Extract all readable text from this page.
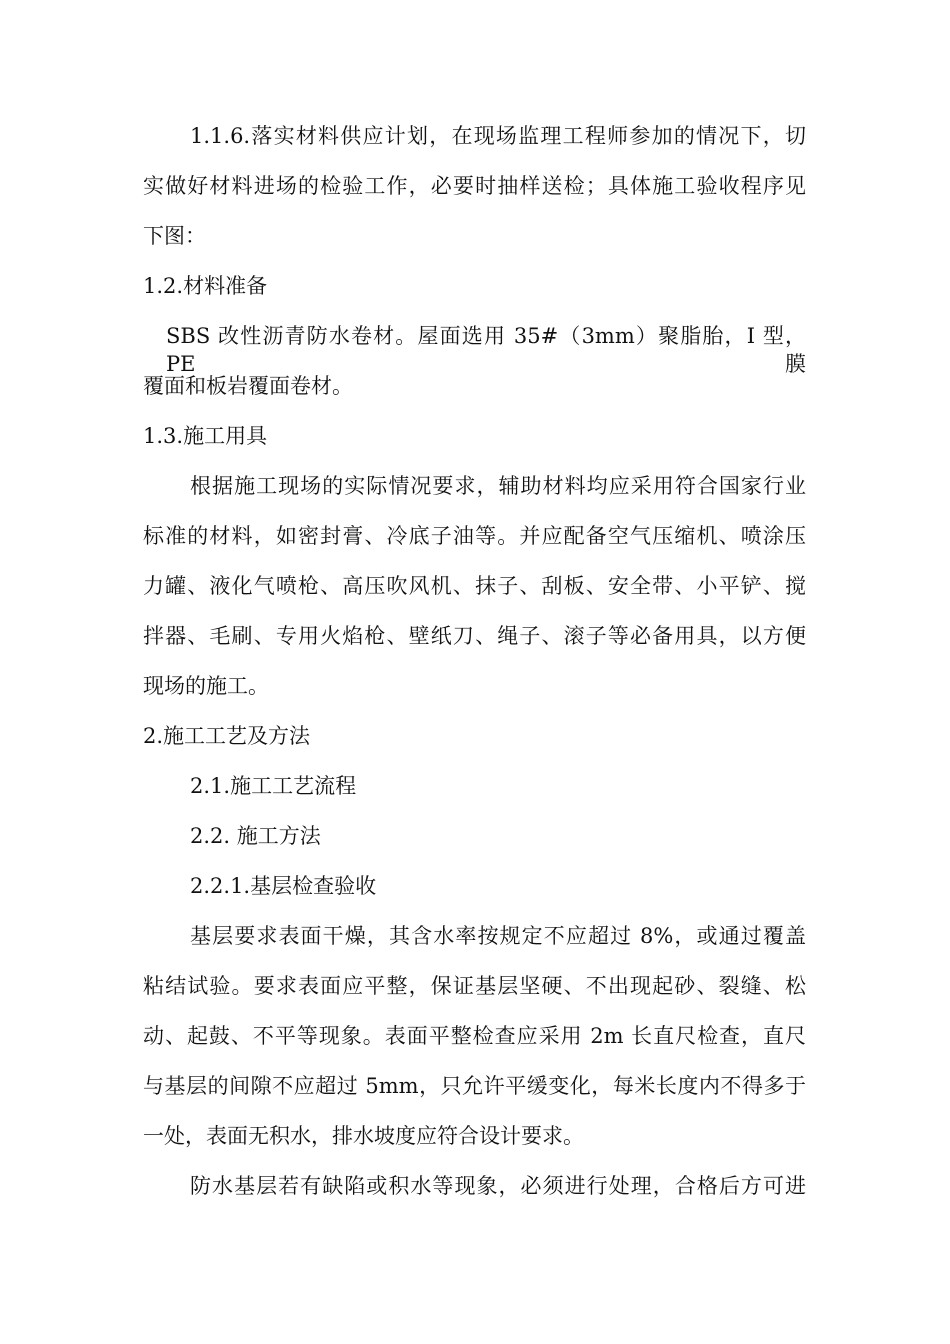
1.1.6.落实材料供应计划，在现场监理工程师参加的情况下，切
实做好材料进场的检验工作，必要时抽样送检；具体施工验收程序见
下图：
1.2.材料准备
SBS 改性沥青防水卷材。屋面选用 35#（3mm）聚脂胎，I 型，PE 膜
覆面和板岩覆面卷材。
1.3.施工用具
根据施工现场的实际情况要求，辅助材料均应采用符合国家行业
标准的材料，如密封膏、冷底子油等。并应配备空气压缩机、喷涂压
力罐、液化气喷枪、高压吹风机、抹子、刮板、安全带、小平铲、搅
拌器、毛刷、专用火焰枪、壁纸刀、绳子、滚子等必备用具，以方便
现场的施工。
2.施工工艺及方法
2.1.施工工艺流程
2.2. 施工方法
2.2.1.基层检查验收
基层要求表面干燥，其含水率按规定不应超过 8%，或通过覆盖
粘结试验。要求表面应平整，保证基层坚硬、不出现起砂、裂缝、松
动、起鼓、不平等现象。表面平整检查应采用 2m 长直尺检查，直尺
与基层的间隙不应超过 5mm，只允许平缓变化，每米长度内不得多于
一处，表面无积水，排水坡度应符合设计要求。
防水基层若有缺陷或积水等现象，必须进行处理，合格后方可进
